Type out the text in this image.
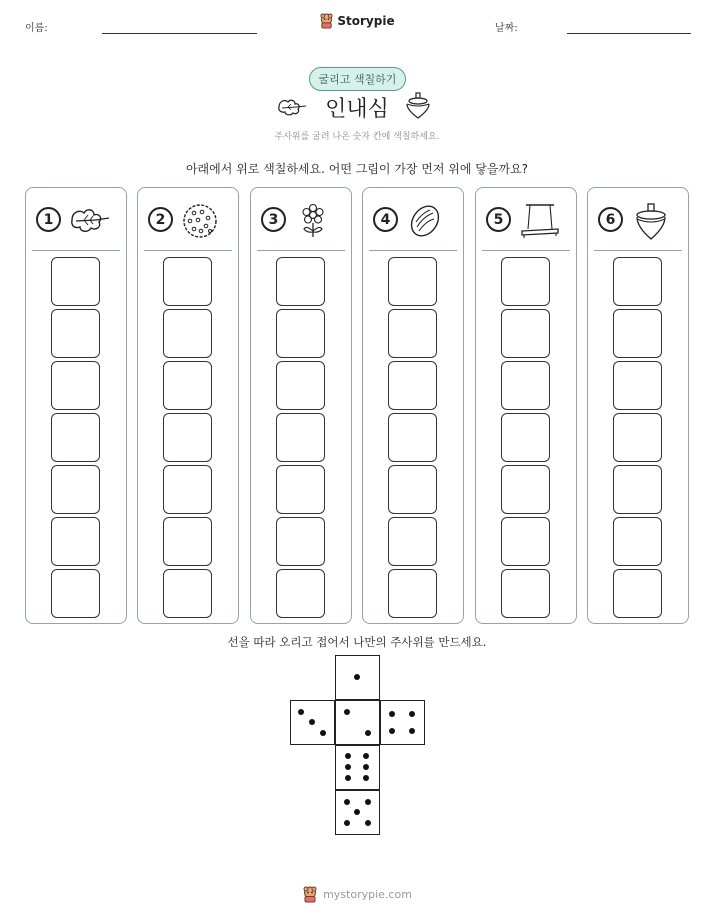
이름:
Storypie
날짜:
굴리고 색칠하기
인내심
주사위를 굴려 나온 숫자 칸에 색칠하세요.
아래에서 위로 색칠하세요. 어떤 그림이 가장 먼저 위에 닿을까요?
1	2	3	4	5	6
선을 따라 오리고 접어서 나만의 주사위를 만드세요.
mystorypie.com
